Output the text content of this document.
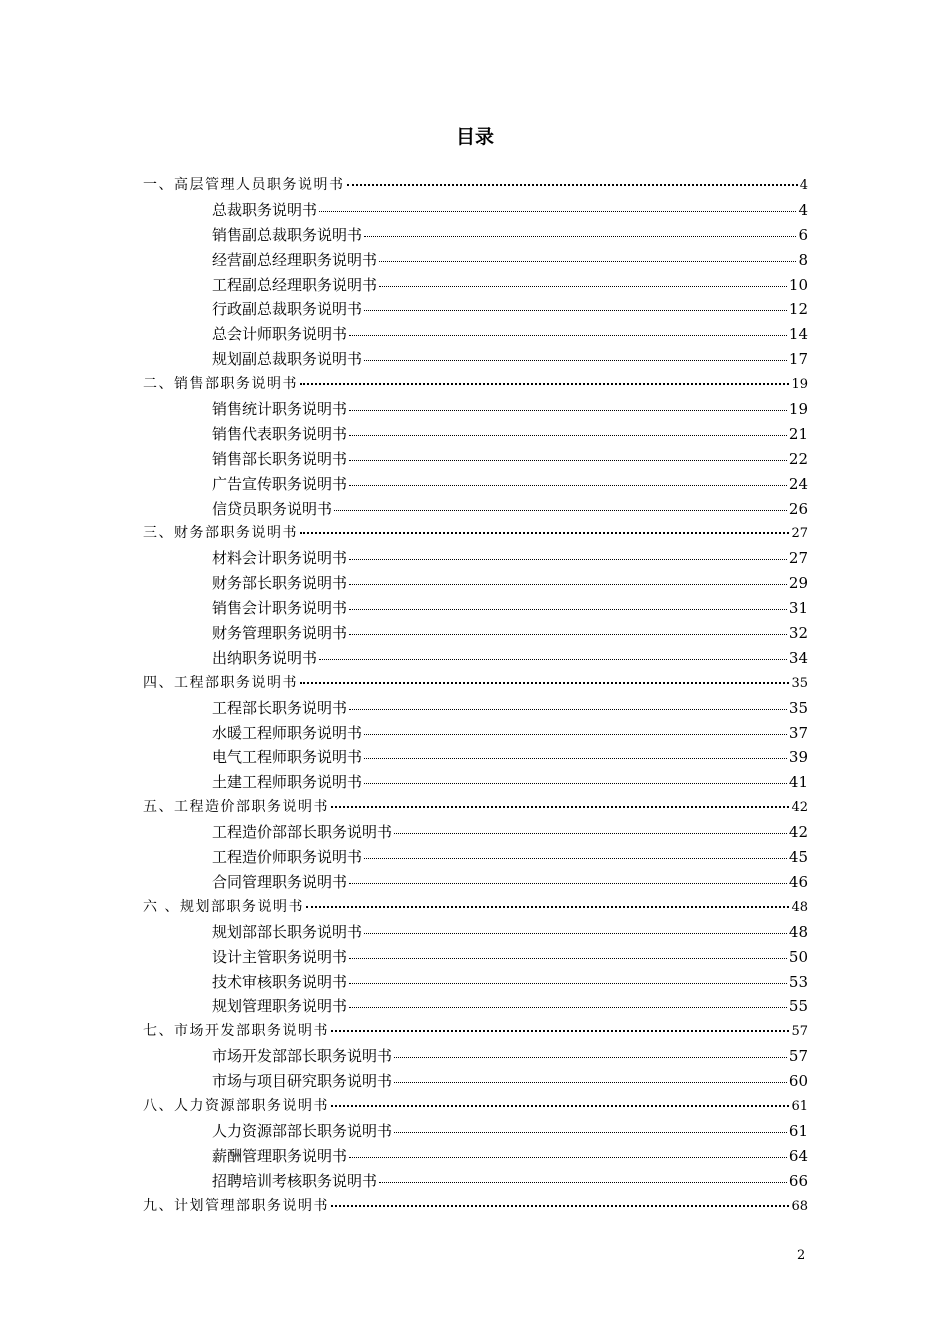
目录
一、高层管理人员职务说明书	4
总裁职务说明书	4
销售副总裁职务说明书	6
经营副总经理职务说明书	8
工程副总经理职务说明书	10
行政副总裁职务说明书	12
总会计师职务说明书	14
规划副总裁职务说明书	17
二、销售部职务说明书	19
销售统计职务说明书	19
销售代表职务说明书	21
销售部长职务说明书	22
广告宣传职务说明书	24
信贷员职务说明书	26
三、财务部职务说明书	27
材料会计职务说明书	27
财务部长职务说明书	29
销售会计职务说明书	31
财务管理职务说明书	32
出纳职务说明书	34
四、工程部职务说明书	35
工程部长职务说明书	35
水暖工程师职务说明书	37
电气工程师职务说明书	39
土建工程师职务说明书	41
五、工程造价部职务说明书	42
工程造价部部长职务说明书	42
工程造价师职务说明书	45
合同管理职务说明书	46
六 、规划部职务说明书	48
规划部部长职务说明书	48
设计主管职务说明书	50
技术审核职务说明书	53
规划管理职务说明书	55
七、市场开发部职务说明书	57
市场开发部部长职务说明书	57
市场与项目研究职务说明书	60
八、人力资源部职务说明书	61
人力资源部部长职务说明书	61
薪酬管理职务说明书	64
招聘培训考核职务说明书	66
九、计划管理部职务说明书	68
2
